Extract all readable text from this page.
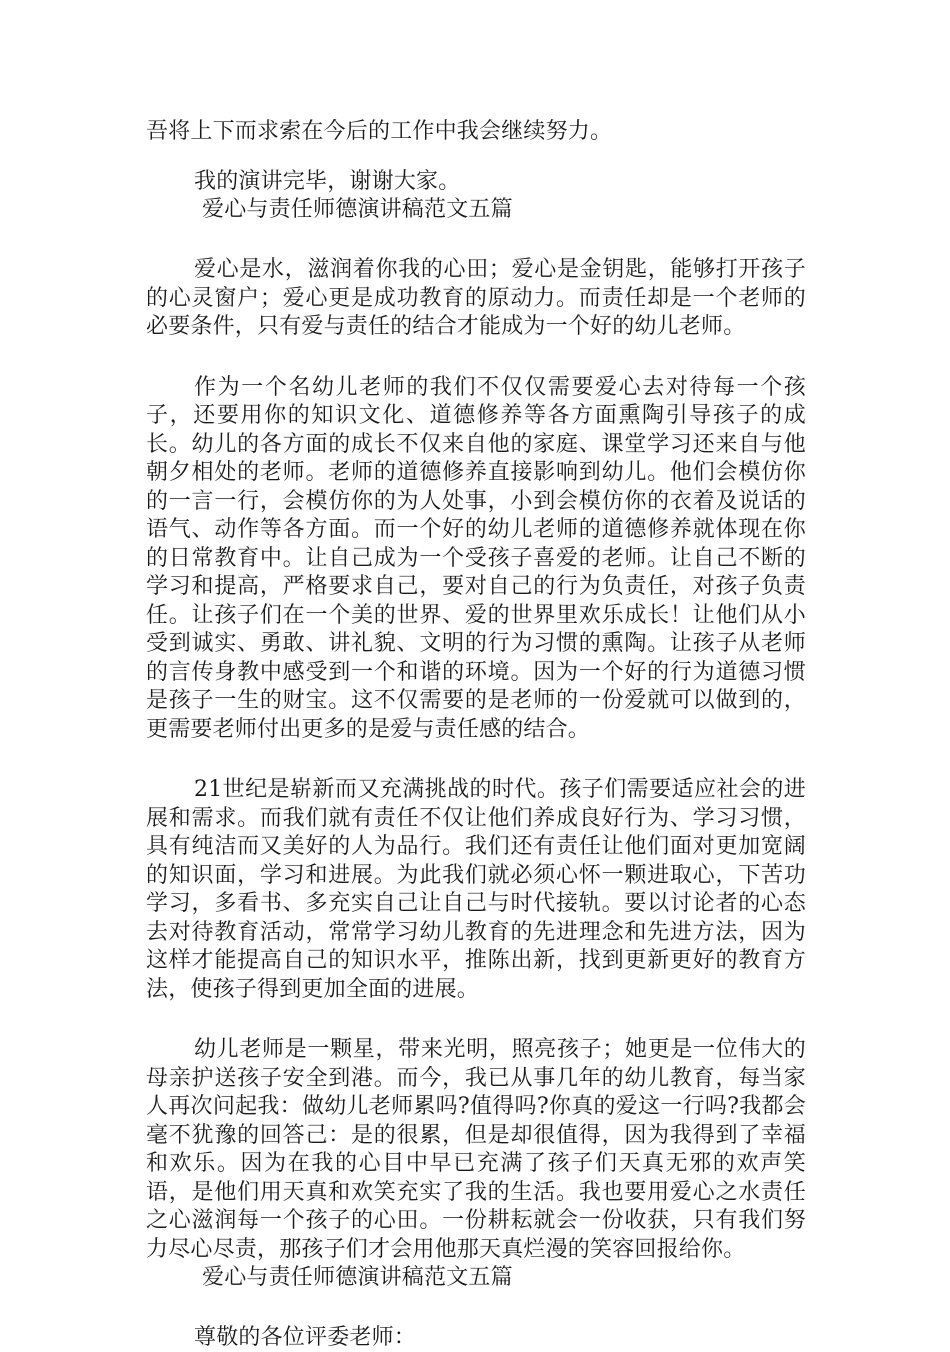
吾将上下而求索在今后的工作中我会继续努力。
我的演讲完毕，谢谢大家。
爱心与责任师德演讲稿范文五篇

爱心是水，滋润着你我的心田；爱心是金钥匙，能够打开孩子的心灵窗户；爱心更是成功教育的原动力。而责任却是一个老师的必要条件，只有爱与责任的结合才能成为一个好的幼儿老师。

作为一个名幼儿老师的我们不仅仅需要爱心去对待每一个孩子，还要用你的知识文化、道德修养等各方面熏陶引导孩子的成长。幼儿的各方面的成长不仅来自他的家庭、课堂学习还来自与他朝夕相处的老师。老师的道德修养直接影响到幼儿。他们会模仿你的一言一行，会模仿你的为人处事，小到会模仿你的衣着及说话的语气、动作等各方面。而一个好的幼儿老师的道德修养就体现在你的日常教育中。让自己成为一个受孩子喜爱的老师。让自己不断的学习和提高，严格要求自己，要对自己的行为负责任，对孩子负责任。让孩子们在一个美的世界、爱的世界里欢乐成长！让他们从小受到诚实、勇敢、讲礼貌、文明的行为习惯的熏陶。让孩子从老师的言传身教中感受到一个和谐的环境。因为一个好的行为道德习惯是孩子一生的财宝。这不仅需要的是老师的一份爱就可以做到的，更需要老师付出更多的是爱与责任感的结合。

21世纪是崭新而又充满挑战的时代。孩子们需要适应社会的进展和需求。而我们就有责任不仅让他们养成良好行为、学习习惯，具有纯洁而又美好的人为品行。我们还有责任让他们面对更加宽阔的知识面，学习和进展。为此我们就必须心怀一颗进取心，下苦功学习，多看书、多充实自己让自己与时代接轨。要以讨论者的心态去对待教育活动，常常学习幼儿教育的先进理念和先进方法，因为这样才能提高自己的知识水平，推陈出新，找到更新更好的教育方法，使孩子得到更加全面的进展。

幼儿老师是一颗星，带来光明，照亮孩子；她更是一位伟大的母亲护送孩子安全到港。而今，我已从事几年的幼儿教育，每当家人再次问起我：做幼儿老师累吗?值得吗?你真的爱这一行吗?我都会毫不犹豫的回答己：是的很累，但是却很值得，因为我得到了幸福和欢乐。因为在我的心目中早已充满了孩子们天真无邪的欢声笑语，是他们用天真和欢笑充实了我的生活。我也要用爱心之水责任之心滋润每一个孩子的心田。一份耕耘就会一份收获，只有我们努力尽心尽责，那孩子们才会用他那天真烂漫的笑容回报给你。

爱心与责任师德演讲稿范文五篇
尊敬的各位评委老师：
